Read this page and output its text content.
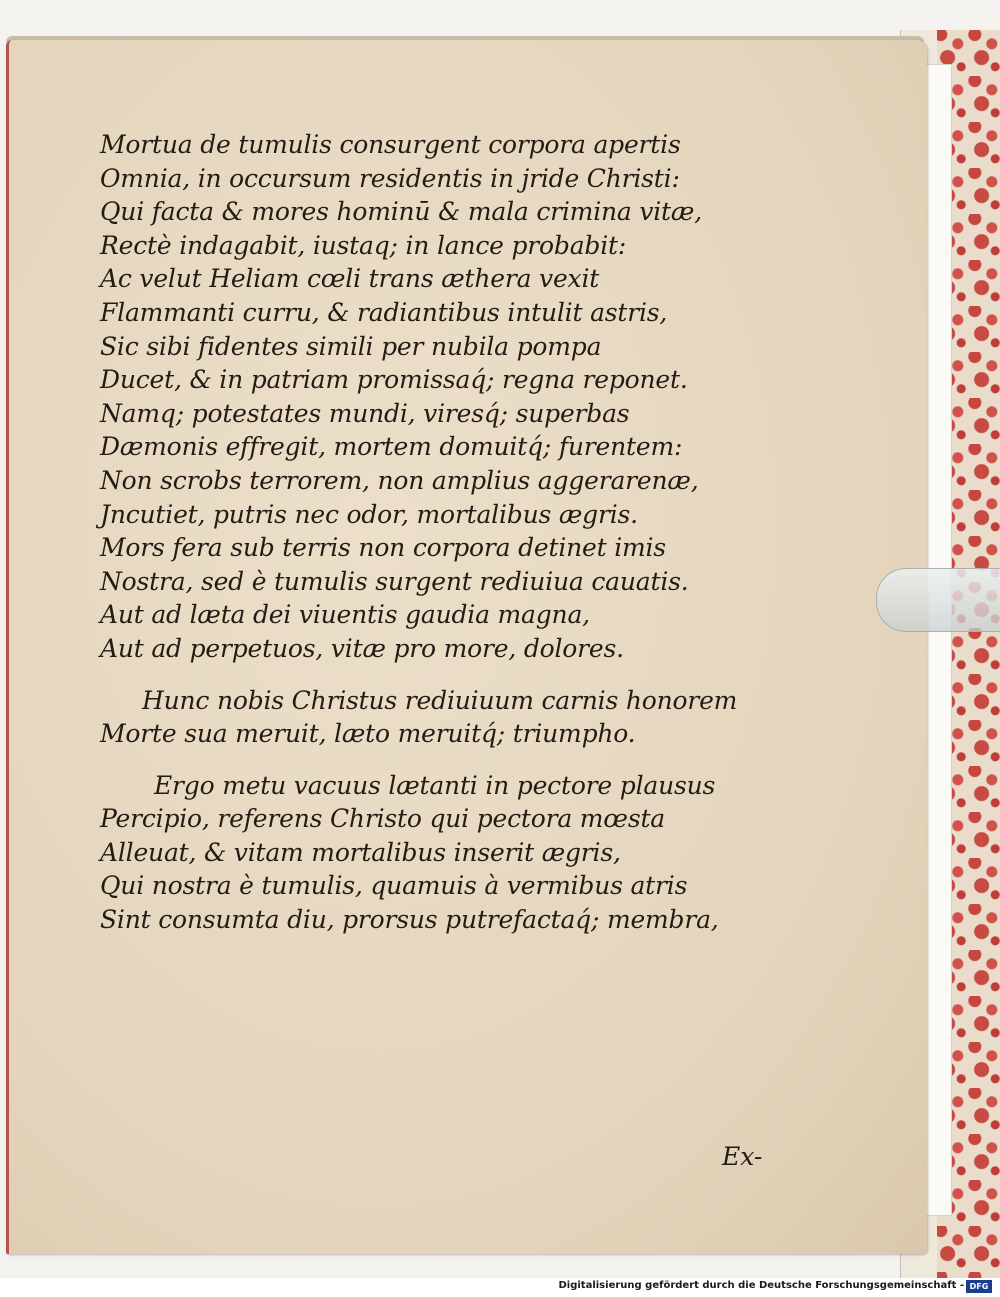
Mortua de tumulis consurgent corpora apertis
Omnia, in occursum residentis in jride Christi:
Qui facta & mores hominū & mala crimina vitæ,
Rectè indagabit, iustaq; in lance probabit:
Ac velut Heliam cœli trans æthera vexit
Flammanti curru, & radiantibus intulit astris,
Sic sibi fidentes simili per nubila pompa
Ducet, & in patriam promissaq́; regna reponet.
Namq; potestates mundi, viresq́; superbas
Dæmonis effregit, mortem domuitq́; furentem:
Non scrobs terrorem, non amplius aggerarenæ,
Jncutiet, putris nec odor, mortalibus ægris.
Mors fera sub terris non corpora detinet imis
Nostra, sed è tumulis surgent rediuiua cauatis.
Aut ad læta dei viuentis gaudia magna,
Aut ad perpetuos, vitæ pro more, dolores.
Hunc nobis Christus rediuiuum carnis honorem
Morte sua meruit, læto meruitq́; triumpho.
Ergo metu vacuus lætanti in pectore plausus
Percipio, referens Christo qui pectora mœsta
Alleuat, & vitam mortalibus inserit ægris,
Qui nostra è tumulis, quamuis à vermibus atris
Sint consumta diu, prorsus putrefactaq́; membra,
Ex-
Digitalisierung gefördert durch die Deutsche Forschungsgemeinschaft - DFG
